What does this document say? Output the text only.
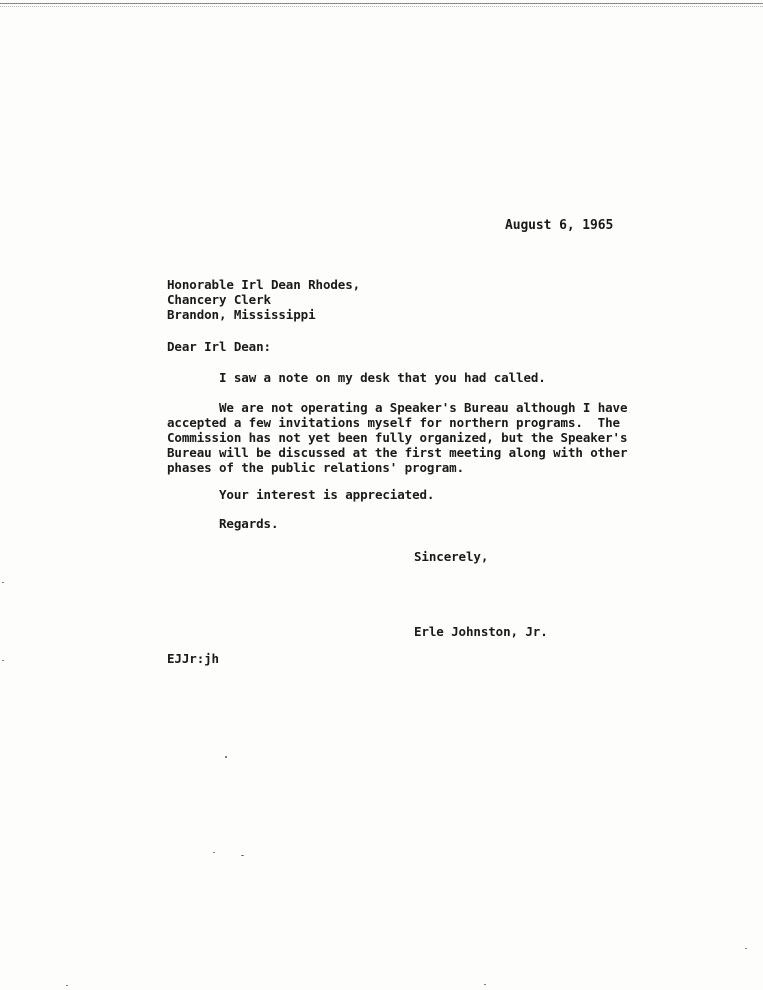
August 6, 1965
Honorable Irl Dean Rhodes,
Chancery Clerk
Brandon, Mississippi
Dear Irl Dean:
I saw a note on my desk that you had called.
We are not operating a Speaker's Bureau although I have
accepted a few invitations myself for northern programs.  The
Commission has not yet been fully organized, but the Speaker's
Bureau will be discussed at the first meeting along with other
phases of the public relations' program.
Your interest is appreciated.
Regards.
Sincerely,
Erle Johnston, Jr.
EJJr:jh
